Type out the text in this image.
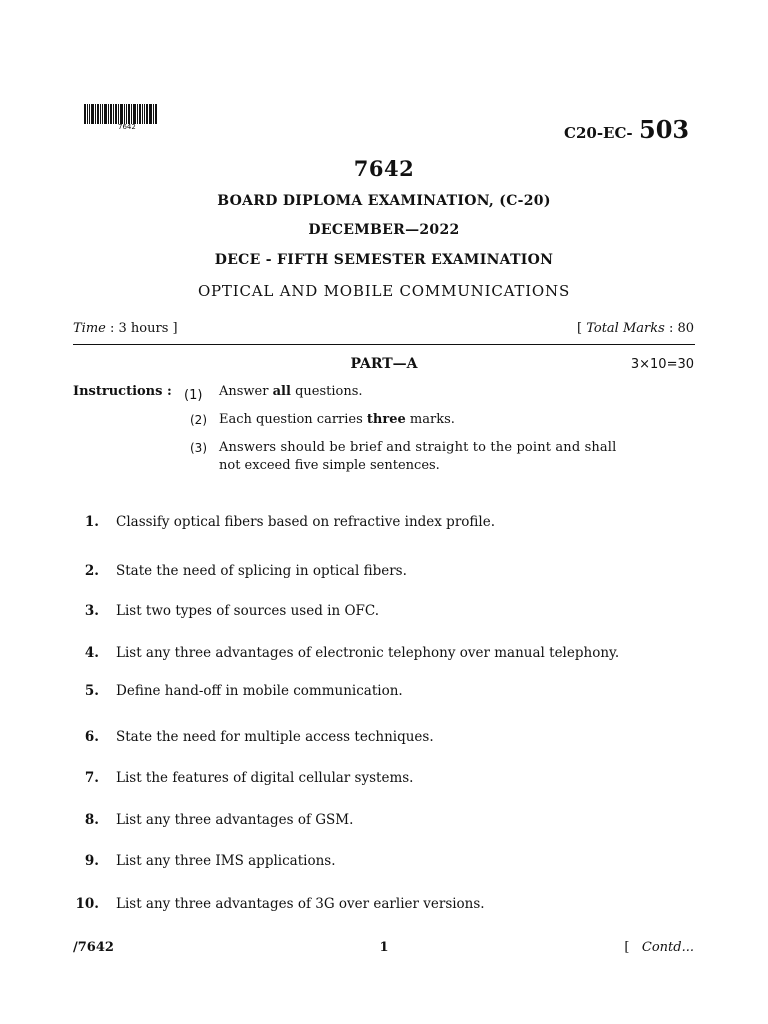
7642	C20-EC- 503
7642
BOARD DIPLOMA EXAMINATION, (C-20)
DECEMBER—2022
DECE - FIFTH SEMESTER EXAMINATION
OPTICAL AND MOBILE COMMUNICATIONS
Time : 3 hours ]	[ Total Marks : 80
PART—A	3×10=30
Instructions : (1) Answer all questions.
(2) Each question carries three marks.
(3) Answers should be brief and straight to the point and shall
not exceed five simple sentences.
1. Classify optical fibers based on refractive index profile.
2. State the need of splicing in optical fibers.
3. List two types of sources used in OFC.
4. List any three advantages of electronic telephony over manual telephony.
5. Define hand-off in mobile communication.
6. State the need for multiple access techniques.
7. List the features of digital cellular systems.
8. List any three advantages of GSM.
9. List any three IMS applications.
10. List any three advantages of 3G over earlier versions.
/7642	1	[ Contd...
